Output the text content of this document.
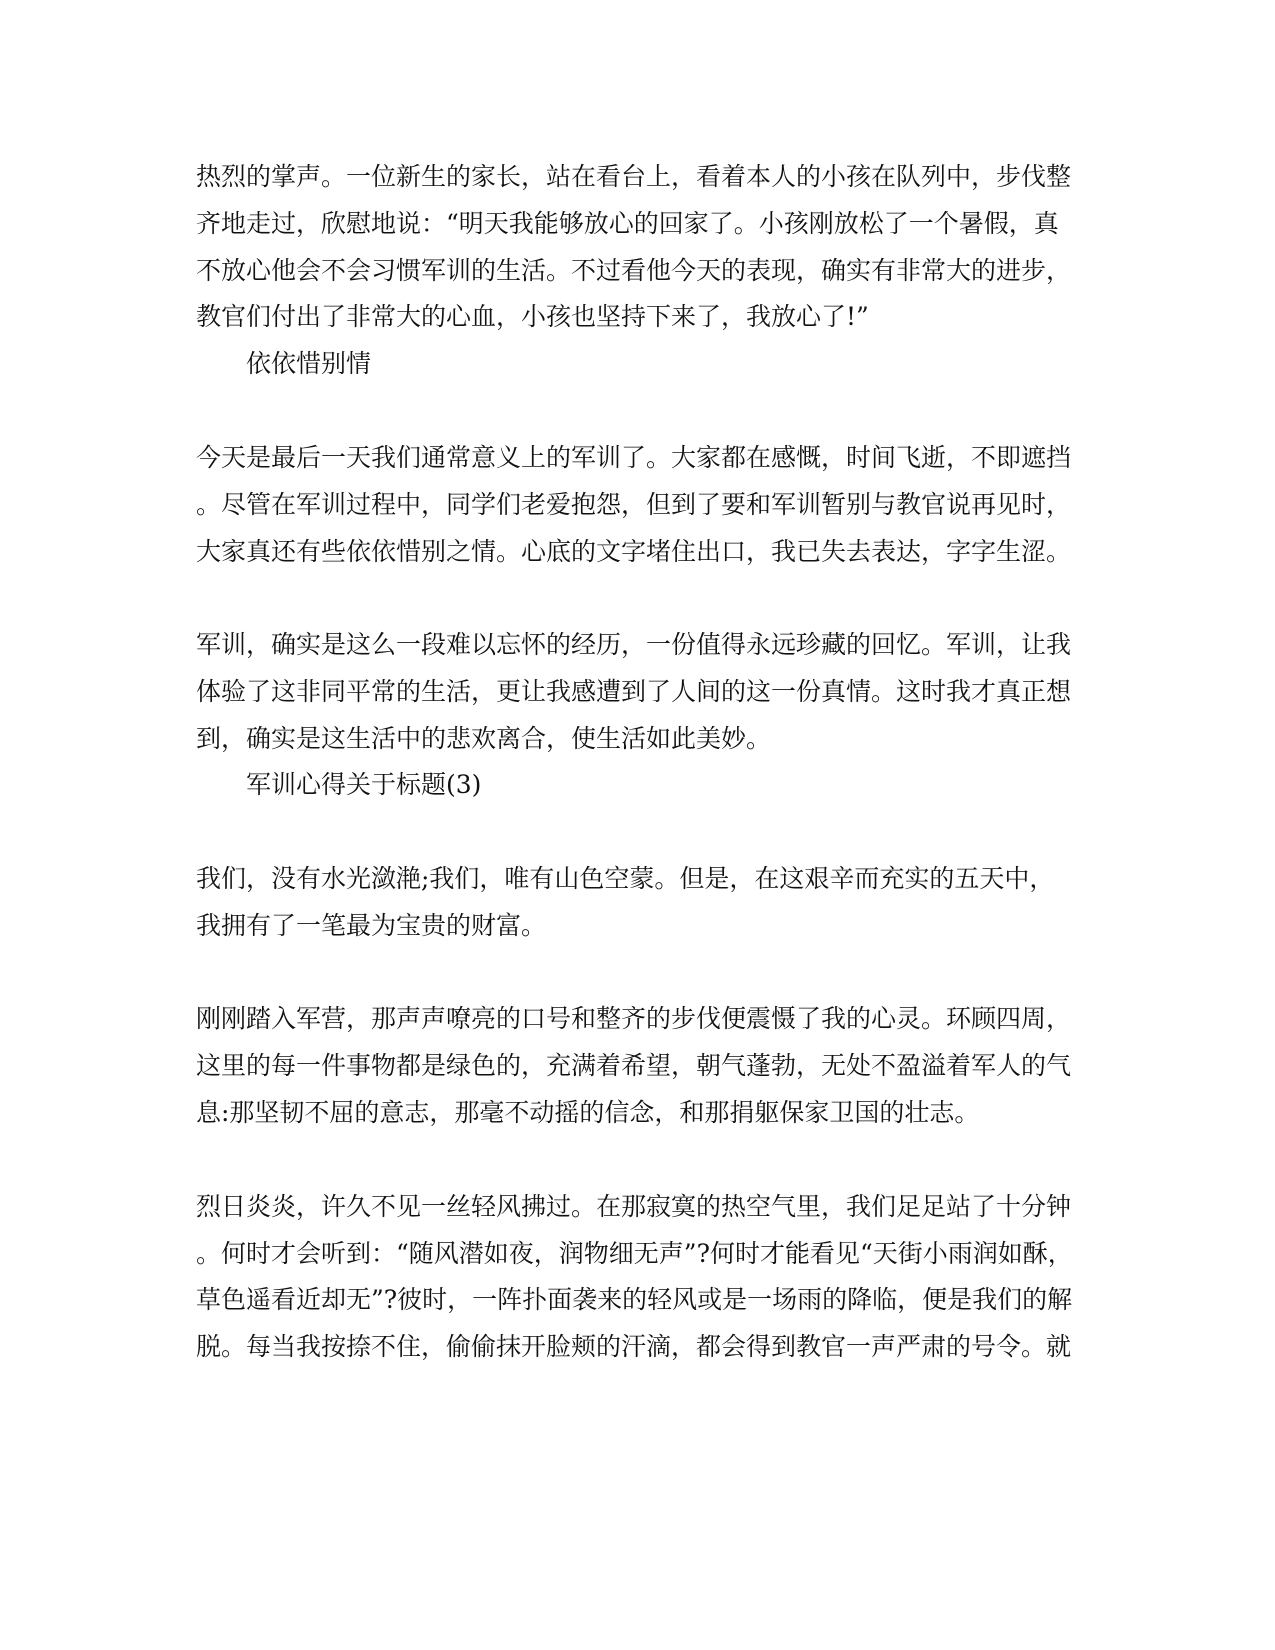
热烈的掌声。一位新生的家长，站在看台上，看着本人的小孩在队列中，步伐整
齐地走过，欣慰地说：“明天我能够放心的回家了。小孩刚放松了一个暑假，真
不放心他会不会习惯军训的生活。不过看他今天的表现，确实有非常大的进步，
教官们付出了非常大的心血，小孩也坚持下来了，我放心了!”
依依惜别情
今天是最后一天我们通常意义上的军训了。大家都在感慨，时间飞逝，不即遮挡
。尽管在军训过程中，同学们老爱抱怨，但到了要和军训暂别与教官说再见时，
大家真还有些依依惜别之情。心底的文字堵住出口，我已失去表达，字字生涩。
军训，确实是这么一段难以忘怀的经历，一份值得永远珍藏的回忆。军训，让我
体验了这非同平常的生活，更让我感遭到了人间的这一份真情。这时我才真正想
到，确实是这生活中的悲欢离合，使生活如此美妙。
军训心得关于标题(3)
我们，没有水光潋滟;我们，唯有山色空蒙。但是，在这艰辛而充实的五天中，
我拥有了一笔最为宝贵的财富。
刚刚踏入军营，那声声嘹亮的口号和整齐的步伐便震慑了我的心灵。环顾四周，
这里的每一件事物都是绿色的，充满着希望，朝气蓬勃，无处不盈溢着军人的气
息:那坚韧不屈的意志，那毫不动摇的信念，和那捐躯保家卫国的壮志。
烈日炎炎，许久不见一丝轻风拂过。在那寂寞的热空气里，我们足足站了十分钟
。何时才会听到：“随风潜如夜，润物细无声”?何时才能看见“天街小雨润如酥，
草色遥看近却无”?彼时，一阵扑面袭来的轻风或是一场雨的降临，便是我们的解
脱。每当我按捺不住，偷偷抹开脸颊的汗滴，都会得到教官一声严肃的号令。就
